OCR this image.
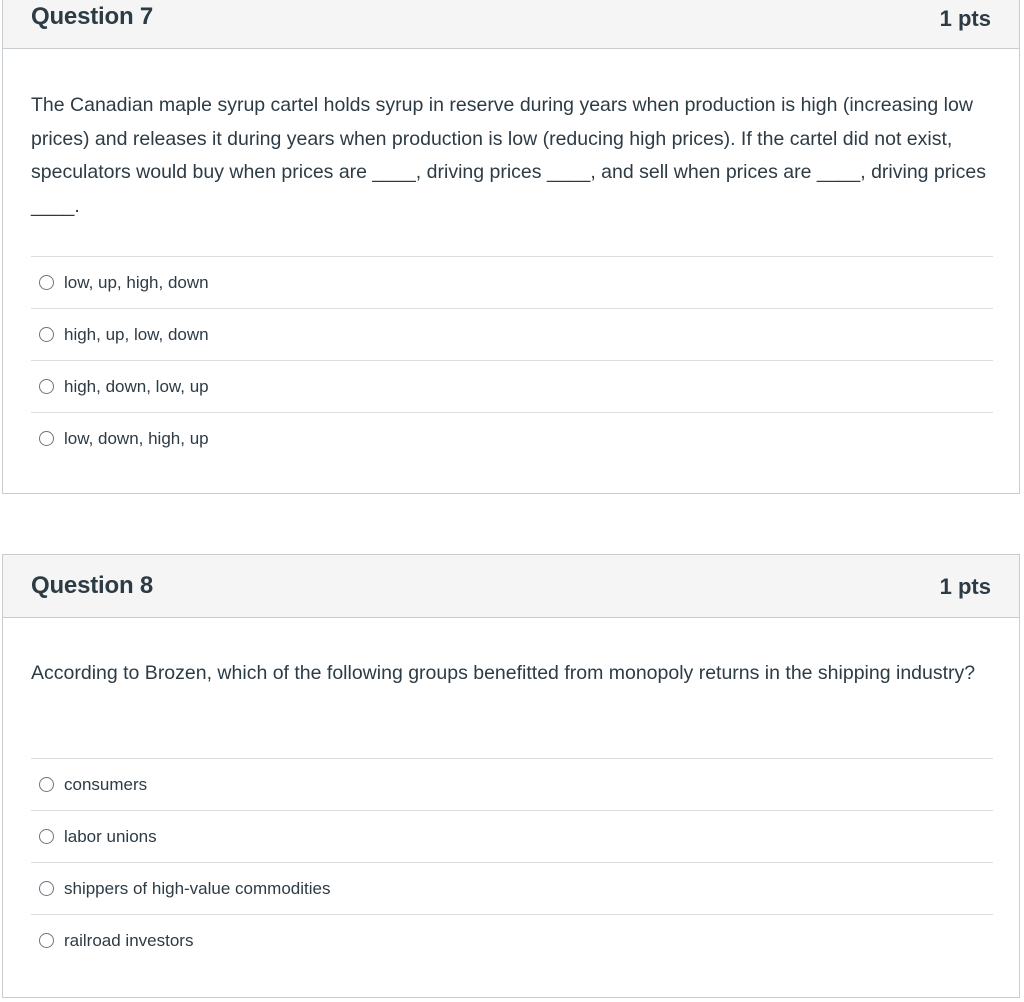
Question 7	1 pts
The Canadian maple syrup cartel holds syrup in reserve during years when production is high (increasing low prices) and releases it during years when production is low (reducing high prices). If the cartel did not exist, speculators would buy when prices are ____, driving prices ____, and sell when prices are ____, driving prices ____.
low, up, high, down
high, up, low, down
high, down, low, up
low, down, high, up
Question 8	1 pts
According to Brozen, which of the following groups benefitted from monopoly returns in the shipping industry?
consumers
labor unions
shippers of high-value commodities
railroad investors
